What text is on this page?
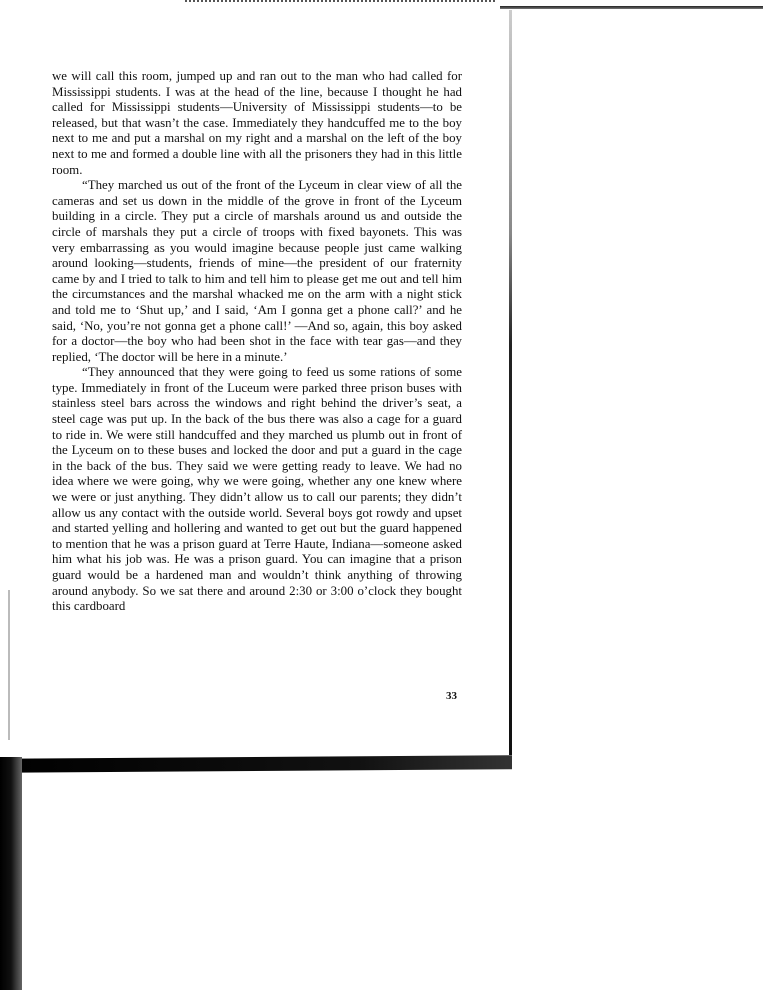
we will call this room, jumped up and ran out to the man who had called for Mississippi students. I was at the head of the line, because I thought he had called for Mississippi students—University of Mississippi students—to be released, but that wasn’t the case. Immediately they handcuffed me to the boy next to me and put a marshal on my right and a marshal on the left of the boy next to me and formed a double line with all the prisoners they had in this little room.

“They marched us out of the front of the Lyceum in clear view of all the cameras and set us down in the middle of the grove in front of the Lyceum building in a circle. They put a circle of marshals around us and outside the circle of marshals they put a circle of troops with fixed bayonets. This was very embarrassing as you would imagine because people just came walking around looking—students, friends of mine—the president of our fraternity came by and I tried to talk to him and tell him to please get me out and tell him the circumstances and the marshal whacked me on the arm with a night stick and told me to ‘Shut up,’ and I said, ‘Am I gonna get a phone call?’ and he said, ‘No, you’re not gonna get a phone call!’ —And so, again, this boy asked for a doctor—the boy who had been shot in the face with tear gas—and they replied, ‘The doctor will be here in a minute.’

“They announced that they were going to feed us some rations of some type. Immediately in front of the Luceum were parked three prison buses with stainless steel bars across the windows and right behind the driver’s seat, a steel cage was put up. In the back of the bus there was also a cage for a guard to ride in. We were still handcuffed and they marched us plumb out in front of the Lyceum on to these buses and locked the door and put a guard in the cage in the back of the bus. They said we were getting ready to leave. We had no idea where we were going, why we were going, whether any one knew where we were or just anything. They didn’t allow us to call our parents; they didn’t allow us any contact with the outside world. Several boys got rowdy and upset and started yelling and hollering and wanted to get out but the guard happened to mention that he was a prison guard at Terre Haute, Indiana—someone asked him what his job was. He was a prison guard. You can imagine that a prison guard would be a hardened man and wouldn’t think anything of throwing around anybody. So we sat there and around 2:30 or 3:00 o’clock they bought this cardboard

33
